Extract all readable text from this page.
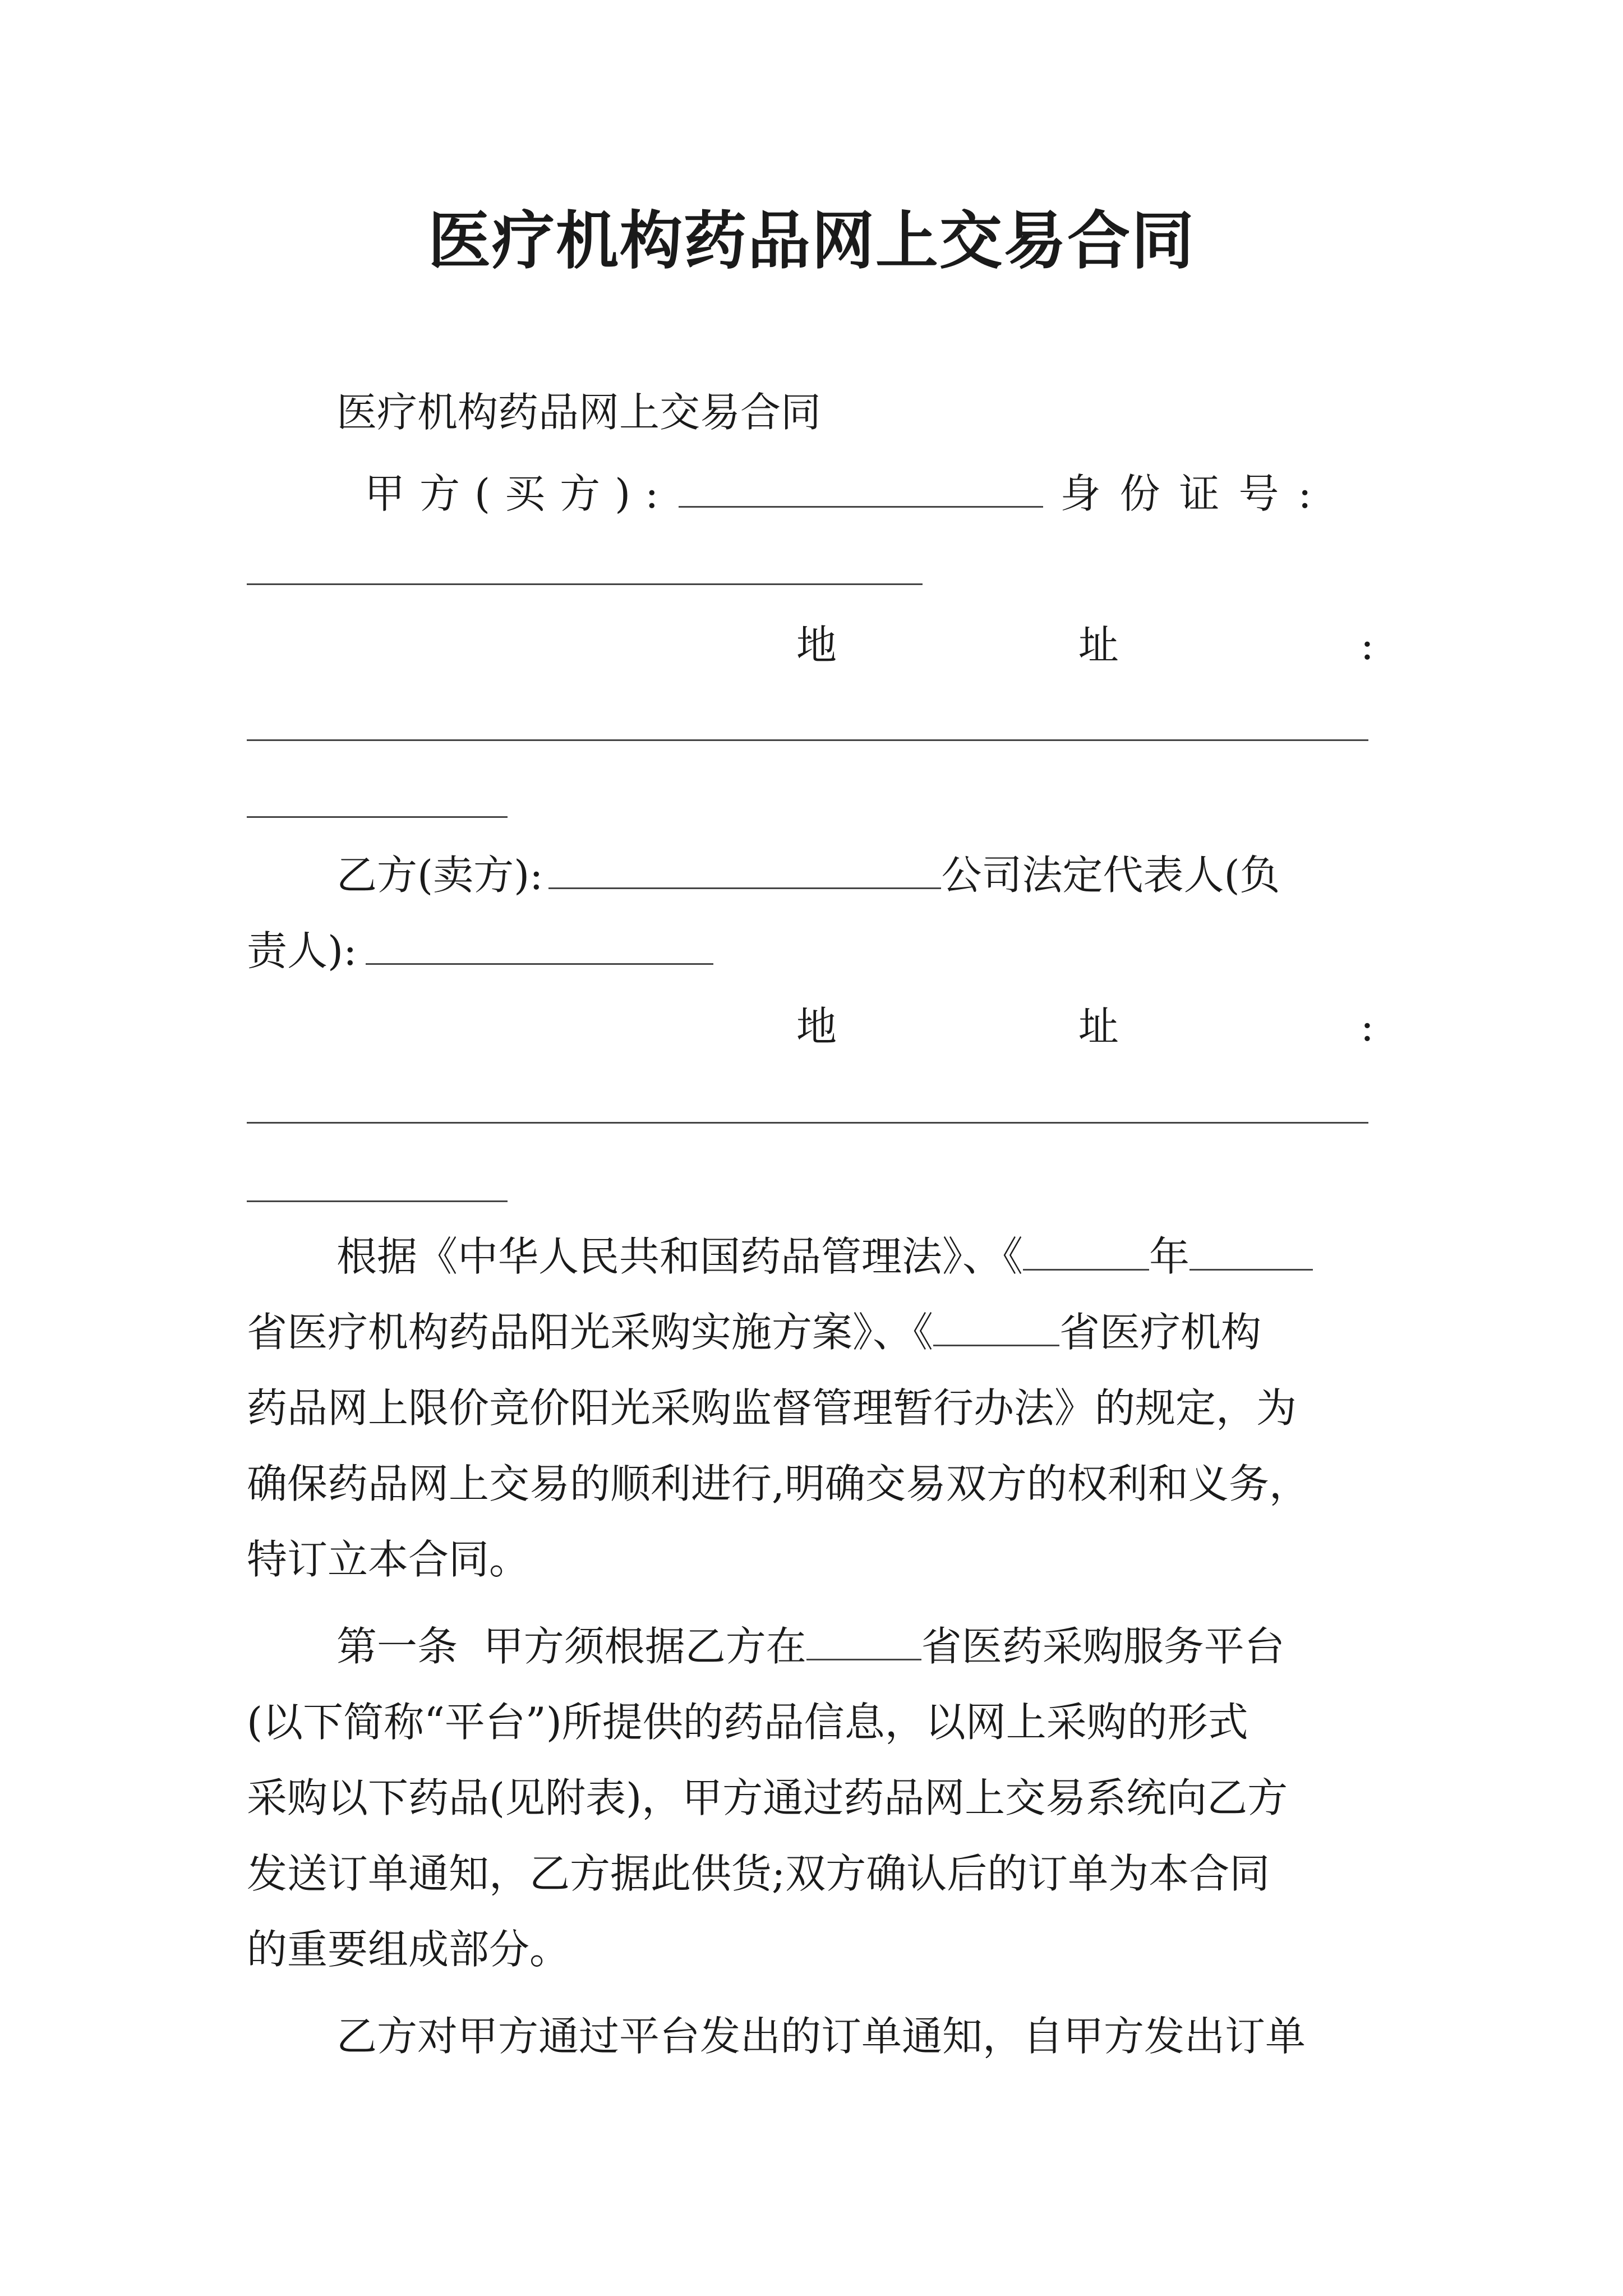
医疗机构药品网上交易合同
医疗机构药品网上交易合同
甲方(买方):	身份证号:
地	址	:
乙方(卖方):	公司法定代表人(负
责人):
地	址	:
根据《中华人民共和国药品管理法》、《	年
省医疗机构药品阳光采购实施方案》、《	省医疗机构
药品网上限价竞价阳光采购监督管理暂行办法》的规定，为
确保药品网上交易的顺利进行,明确交易双方的权利和义务，
特订立本合同。
第一条  甲方须根据乙方在	省医药采购服务平台
(以下简称“平台”)所提供的药品信息，以网上采购的形式
采购以下药品(见附表)，甲方通过药品网上交易系统向乙方
发送订单通知，乙方据此供货;双方确认后的订单为本合同
的重要组成部分。
乙方对甲方通过平台发出的订单通知，自甲方发出订单
